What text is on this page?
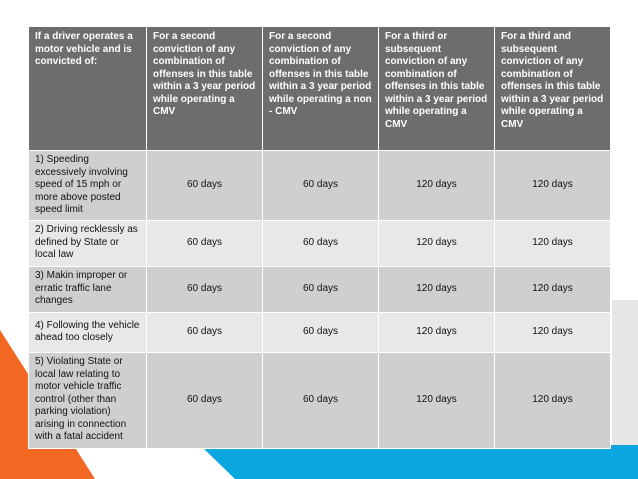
If a driver operates a motor vehicle and is convicted of:	For a second conviction of any combination of offenses in this table within a 3 year period while operating a CMV	For a second conviction of any combination of offenses in this table within a 3 year period while operating a non - CMV	For a third or subsequent conviction of any combination of offenses in this table within a 3 year period while operating a CMV	For a third and subsequent conviction of any combination of offenses in this table within a 3 year period while operating a CMV
1) Speeding excessively involving speed of 15 mph or more above posted speed limit	60 days	60 days	120 days	120 days
2) Driving recklessly as defined by State or local law	60 days	60 days	120 days	120 days
3) Makin improper or erratic traffic lane changes	60 days	60 days	120 days	120 days
4) Following the vehicle ahead too closely	60 days	60 days	120 days	120 days
5) Violating State or local law relating to motor vehicle traffic control (other than parking violation) arising in connection with a fatal accident	60 days	60 days	120 days	120 days
